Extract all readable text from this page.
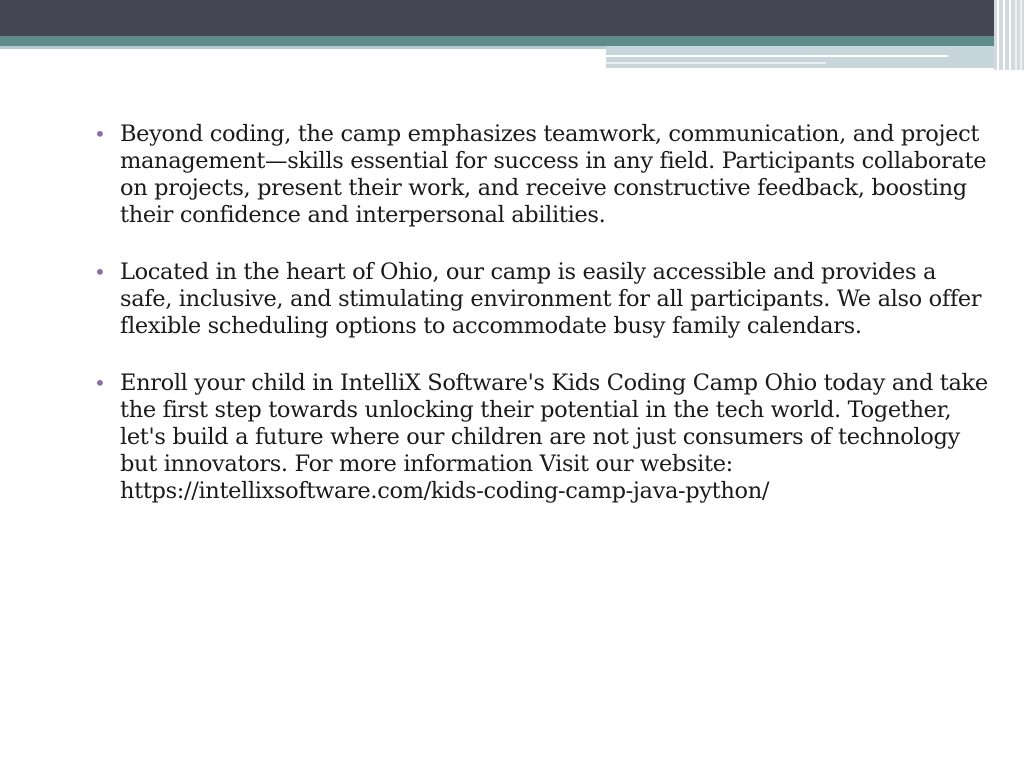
•
Beyond coding, the camp emphasizes teamwork, communication, and project management—skills essential for success in any field. Participants collaborate on projects, present their work, and receive constructive feedback, boosting their confidence and interpersonal abilities.
•
Located in the heart of Ohio, our camp is easily accessible and provides a safe, inclusive, and stimulating environment for all participants. We also offer flexible scheduling options to accommodate busy family calendars.
•
Enroll your child in IntelliX Software's Kids Coding Camp Ohio today and take the first step towards unlocking their potential in the tech world. Together, let's build a future where our children are not just consumers of technology but innovators. For more information Visit our website: https://intellixsoftware.com/kids-coding-camp-java-python/
